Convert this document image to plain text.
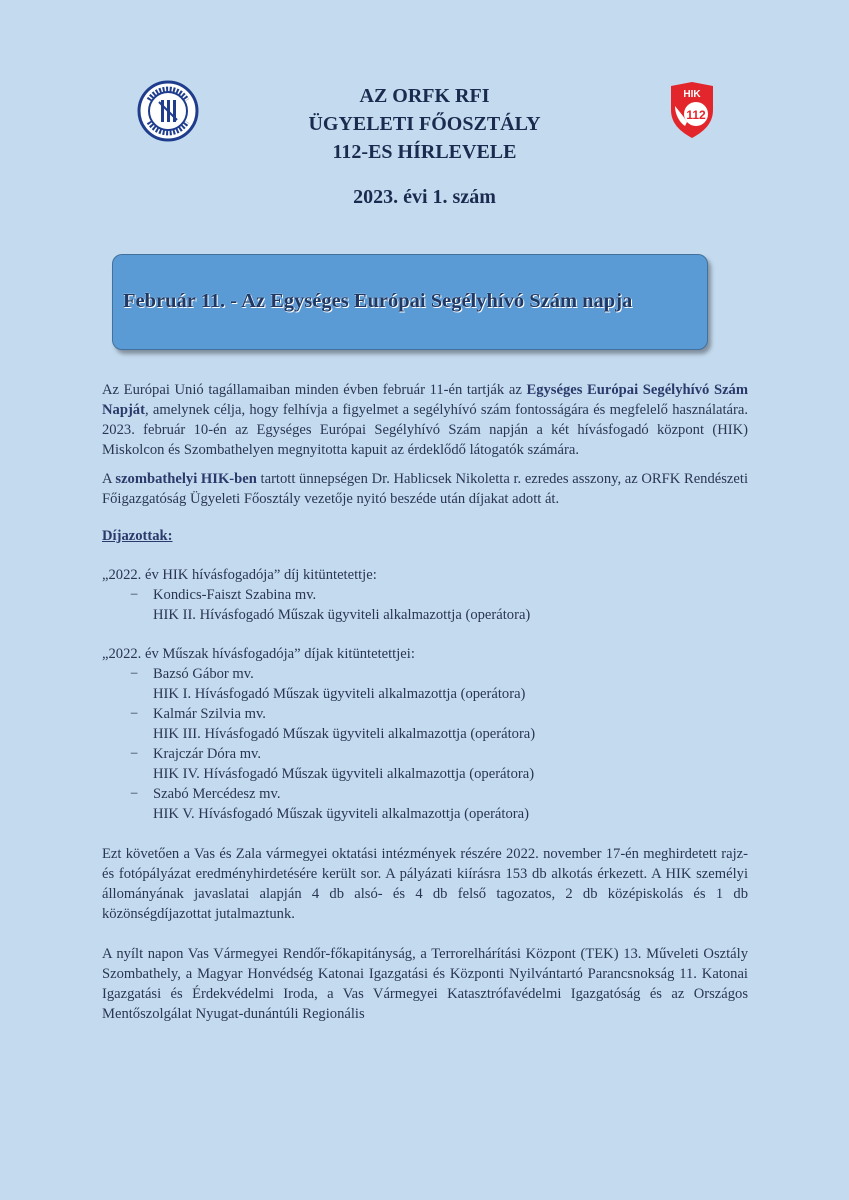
HIK
112
AZ ORFK RFI
ÜGYELETI FŐOSZTÁLY
112-ES HÍRLEVELE
2023. évi 1. szám
Február 11. - Az Egységes Európai Segélyhívó Szám napja

Az Európai Unió tagállamaiban minden évben február 11-én tartják az Egységes Európai Segélyhívó Szám Napját, amelynek célja, hogy felhívja a figyelmet a segélyhívó szám fontosságára és megfelelő használatára. 2023. február 10-én az Egységes Európai Segélyhívó Szám napján a két hívásfogadó központ (HIK) Miskolcon és Szombathelyen megnyitotta kapuit az érdeklődő látogatók számára.

A szombathelyi HIK-ben tartott ünnepségen Dr. Hablicsek Nikoletta r. ezredes asszony, az ORFK Rendészeti Főigazgatóság Ügyeleti Főosztály vezetője nyitó beszéde után díjakat adott át.

Díjazottak:

„2022. év HIK hívásfogadója” díj kitüntetettje:

− Kondics-Faiszt Szabina mv.
HIK II. Hívásfogadó Műszak ügyviteli alkalmazottja (operátora)

„2022. év Műszak hívásfogadója” díjak kitüntetettjei:

− Bazsó Gábor mv.
HIK I. Hívásfogadó Műszak ügyviteli alkalmazottja (operátora)

− Kalmár Szilvia mv.
HIK III. Hívásfogadó Műszak ügyviteli alkalmazottja (operátora)

− Krajczár Dóra mv.
HIK IV. Hívásfogadó Műszak ügyviteli alkalmazottja (operátora)

− Szabó Mercédesz mv.
HIK V. Hívásfogadó Műszak ügyviteli alkalmazottja (operátora)

Ezt követően a Vas és Zala vármegyei oktatási intézmények részére 2022. november 17-én meghirdetett rajz- és fotópályázat eredményhirdetésére került sor. A pályázati kiírásra 153 db alkotás érkezett. A HIK személyi állományának javaslatai alapján 4 db alsó- és 4 db felső tagozatos, 2 db középiskolás és 1 db közönségdíjazottat jutalmaztunk.

A nyílt napon Vas Vármegyei Rendőr-főkapitányság, a Terrorelhárítási Központ (TEK) 13. Műveleti Osztály Szombathely, a Magyar Honvédség Katonai Igazgatási és Központi Nyilvántartó Parancsnokság 11. Katonai Igazgatási és Érdekvédelmi Iroda, a Vas Vármegyei Katasztrófavédelmi Igazgatóság és az Országos Mentőszolgálat Nyugat-dunántúli Regionális
